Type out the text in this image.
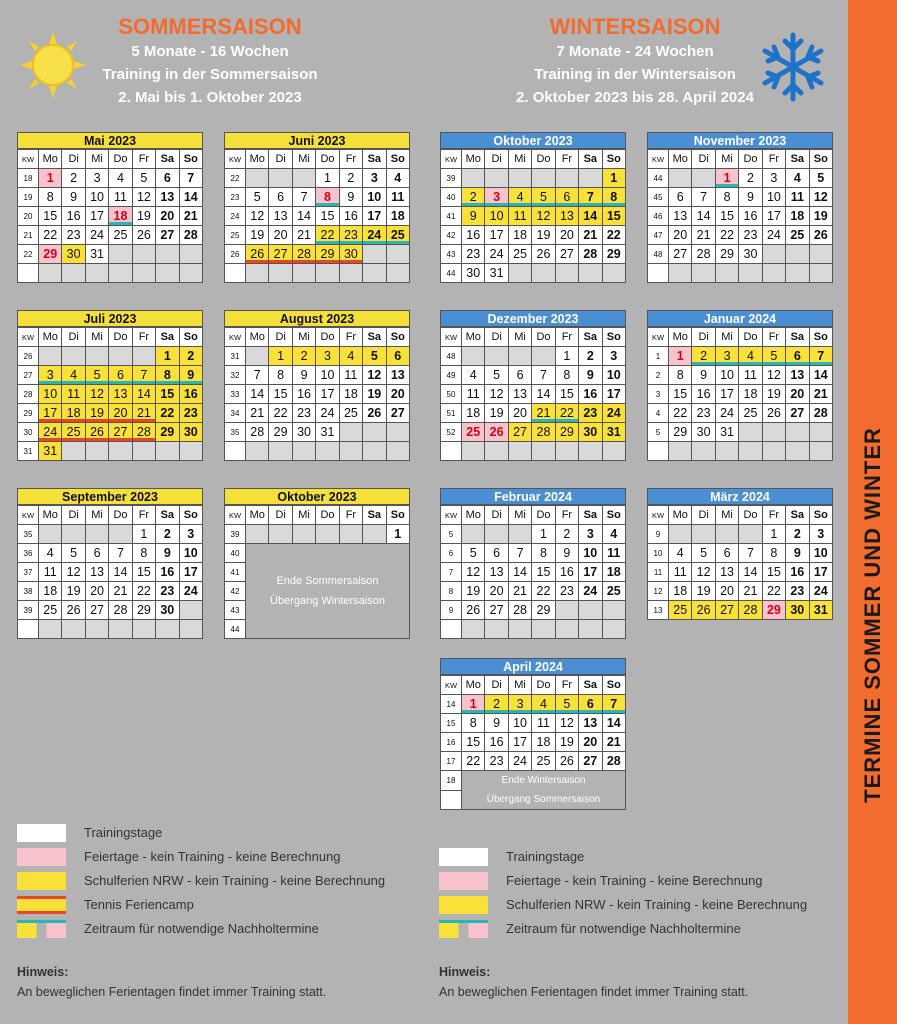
TERMINE SOMMER UND WINTER
SOMMERSAISON
5 Monate - 16 Wochen
Training in der Sommersaison
2. Mai bis 1. Oktober 2023
WINTERSAISON
7 Monate - 24 Wochen
Training in der Wintersaison
2. Oktober 2023 bis 28. April 2024
Mai 2023
KW	Mo	Di	Mi	Do	Fr	Sa	So
18	1	2	3	4	5	6	7
19	8	9	10	11	12	13	14
20	15	16	17	18	19	20	21
21	22	23	24	25	26	27	28
22	29	30	31				

Juni 2023
KW	Mo	Di	Mi	Do	Fr	Sa	So
22				1	2	3	4
23	5	6	7	8	9	10	11
24	12	13	14	15	16	17	18
25	19	20	21	22	23	24	25
26	26	27	28	29	30		

Oktober 2023
KW	Mo	Di	Mi	Do	Fr	Sa	So
39							1
40	2	3	4	5	6	7	8
41	9	10	11	12	13	14	15
42	16	17	18	19	20	21	22
43	23	24	25	26	27	28	29
44	30	31					
November 2023
KW	Mo	Di	Mi	Do	Fr	Sa	So
44			1	2	3	4	5
45	6	7	8	9	10	11	12
46	13	14	15	16	17	18	19
47	20	21	22	23	24	25	26
48	27	28	29	30			

Juli 2023
KW	Mo	Di	Mi	Do	Fr	Sa	So
26						1	2
27	3	4	5	6	7	8	9
28	10	11	12	13	14	15	16
29	17	18	19	20	21	22	23
30	24	25	26	27	28	29	30
31	31						
August 2023
KW	Mo	Di	Mi	Do	Fr	Sa	So
31		1	2	3	4	5	6
32	7	8	9	10	11	12	13
33	14	15	16	17	18	19	20
34	21	22	23	24	25	26	27
35	28	29	30	31			

Dezember 2023
KW	Mo	Di	Mi	Do	Fr	Sa	So
48					1	2	3
49	4	5	6	7	8	9	10
50	11	12	13	14	15	16	17
51	18	19	20	21	22	23	24
52	25	26	27	28	29	30	31

Januar 2024
KW	Mo	Di	Mi	Do	Fr	Sa	So
1	1	2	3	4	5	6	7
2	8	9	10	11	12	13	14
3	15	16	17	18	19	20	21
4	22	23	24	25	26	27	28
5	29	30	31				

September 2023
KW	Mo	Di	Mi	Do	Fr	Sa	So
35					1	2	3
36	4	5	6	7	8	9	10
37	11	12	13	14	15	16	17
38	18	19	20	21	22	23	24
39	25	26	27	28	29	30	

Oktober 2023
KW	Mo	Di	Mi	Do	Fr	Sa	So
39							1
40	Ende Sommersaison
Übergang Wintersaison						

41							
42							
43							
44							
Februar 2024
KW	Mo	Di	Mi	Do	Fr	Sa	So
5				1	2	3	4
6	5	6	7	8	9	10	11
7	12	13	14	15	16	17	18
8	19	20	21	22	23	24	25
9	26	27	28	29			

März 2024
KW	Mo	Di	Mi	Do	Fr	Sa	So
9					1	2	3
10	4	5	6	7	8	9	10
11	11	12	13	14	15	16	17
12	18	19	20	21	22	23	24
13	25	26	27	28	29	30	31
April 2024
KW	Mo	Di	Mi	Do	Fr	Sa	So
14	1	2	3	4	5	6	7
15	8	9	10	11	12	13	14
16	15	16	17	18	19	20	21
17	22	23	24	25	26	27	28
18	Ende Wintersaison
Übergang Sommersaison						

Trainingstage
Feiertage - kein Training - keine Berechnung
Schulferien NRW - kein Training - keine Berechnung
Tennis Feriencamp
Zeitraum für notwendige Nachholtermine
Trainingstage
Feiertage - kein Training - keine Berechnung
Schulferien NRW - kein Training - keine Berechnung
Zeitraum für notwendige Nachholtermine
Hinweis:
An beweglichen Ferientagen findet immer Training statt.
Hinweis:
An beweglichen Ferientagen findet immer Training statt.
